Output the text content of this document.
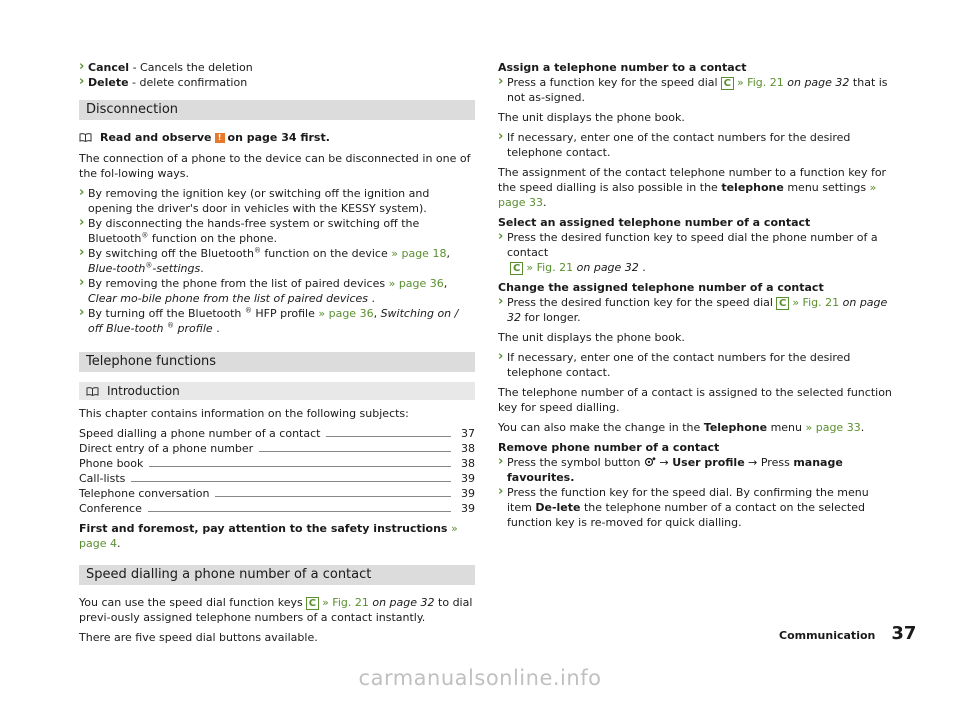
› Cancel - Cancels the deletion

› Delete - delete confirmation

Disconnection
Read and observe ! on page 34 first.

The connection of a phone to the device can be disconnected in one of the fol-lowing ways.

› By removing the ignition key (or switching off the ignition and opening the driver's door in vehicles with the KESSY system).

› By disconnecting the hands-free system or switching off the Bluetooth® function on the phone.

› By switching off the Bluetooth® function on the device » page 18, Blue-tooth®-settings.

› By removing the phone from the list of paired devices » page 36, Clear mo-bile phone from the list of paired devices .

› By turning off the Bluetooth ® HFP profile » page 36, Switching on / off Blue-tooth ® profile .

Telephone functions
Introduction

This chapter contains information on the following subjects:

Speed dialling a phone number of a contact	37
Direct entry of a phone number	38
Phone book	38
Call-lists	39
Telephone conversation	39
Conference	39

First and foremost, pay attention to the safety instructions » page 4.

Speed dialling a phone number of a contact

You can use the speed dial function keys C » Fig. 21 on page 32 to dial previ-ously assigned telephone numbers of a contact instantly.

There are five speed dial buttons available.

Assign a telephone number to a contact

› Press a function key for the speed dial C » Fig. 21 on page 32 that is not as-signed.

The unit displays the phone book.

› If necessary, enter one of the contact numbers for the desired telephone contact.

The assignment of the contact telephone number to a function key for the speed dialling is also possible in the telephone menu settings » page 33.

Select an assigned telephone number of a contact

› Press the desired function key to speed dial the phone number of a contact
C » Fig. 21 on page 32 .

Change the assigned telephone number of a contact

› Press the desired function key for the speed dial C » Fig. 21 on page 32 for longer.

The unit displays the phone book.

› If necessary, enter one of the contact numbers for the desired telephone contact.

The telephone number of a contact is assigned to the selected function key for speed dialling.

You can also make the change in the Telephone menu » page 33.

Remove phone number of a contact

› Press the symbol button  → User profile → Press manage favourites.

› Press the function key for the speed dial. By confirming the menu item De-lete the telephone number of a contact on the selected function key is re-moved for quick dialling.

Communication 37
carmanualsonline.info
